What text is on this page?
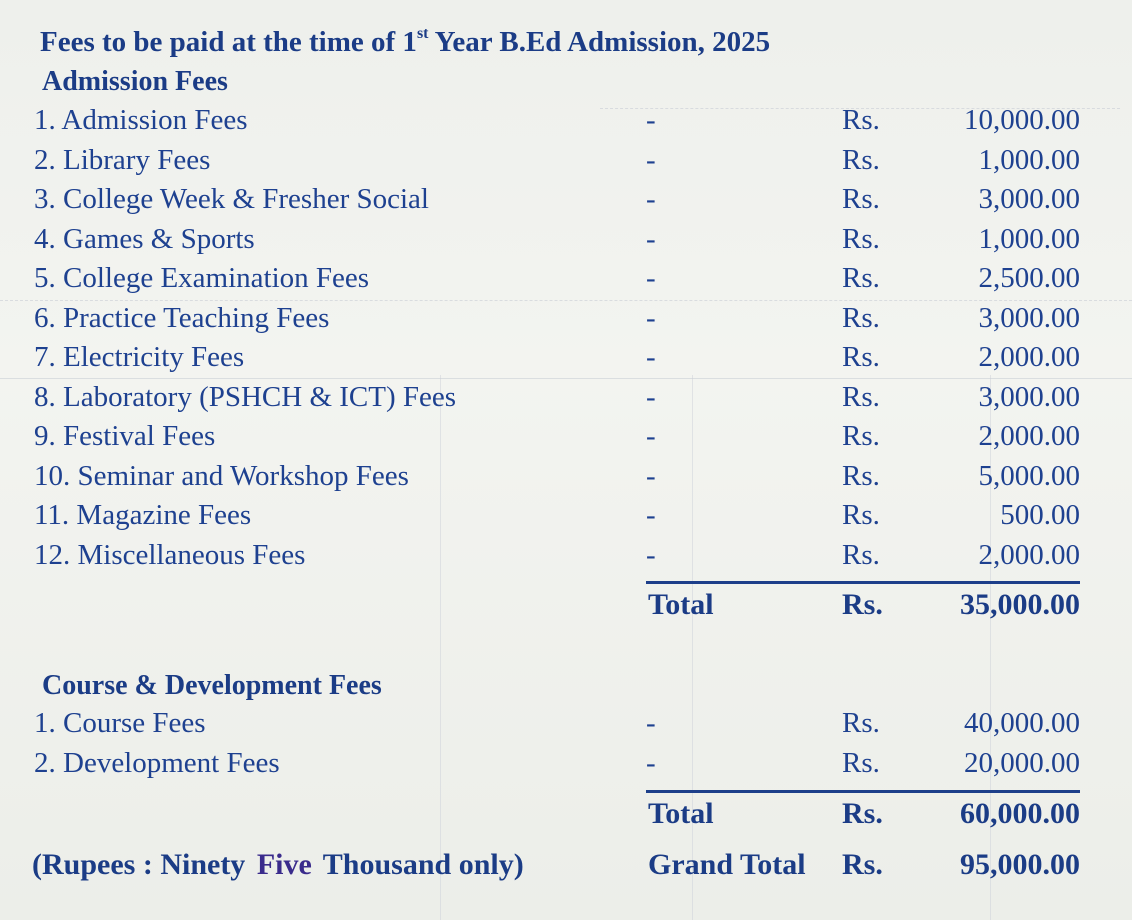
Fees to be paid at the time of 1st Year B.Ed Admission, 2025
Admission Fees
1. Admission Fees	-	Rs.	10,000.00
2. Library Fees	-	Rs.	1,000.00
3. College Week & Fresher Social	-	Rs.	3,000.00
4. Games & Sports	-	Rs.	1,000.00
5. College Examination Fees	-	Rs.	2,500.00
6. Practice Teaching Fees	-	Rs.	3,000.00
7. Electricity Fees	-	Rs.	2,000.00
8. Laboratory (PSHCH & ICT) Fees	-	Rs.	3,000.00
9. Festival Fees	-	Rs.	2,000.00
10. Seminar and Workshop Fees	-	Rs.	5,000.00
11. Magazine Fees	-	Rs.	500.00
12. Miscellaneous Fees	-	Rs.	2,000.00
Total	Rs.	35,000.00
Course & Development Fees
1. Course Fees	-	Rs.	40,000.00
2. Development Fees	-	Rs.	20,000.00
Total	Rs.	60,000.00
(Rupees : Ninety Five Thousand only)	Grand Total Rs.	95,000.00
